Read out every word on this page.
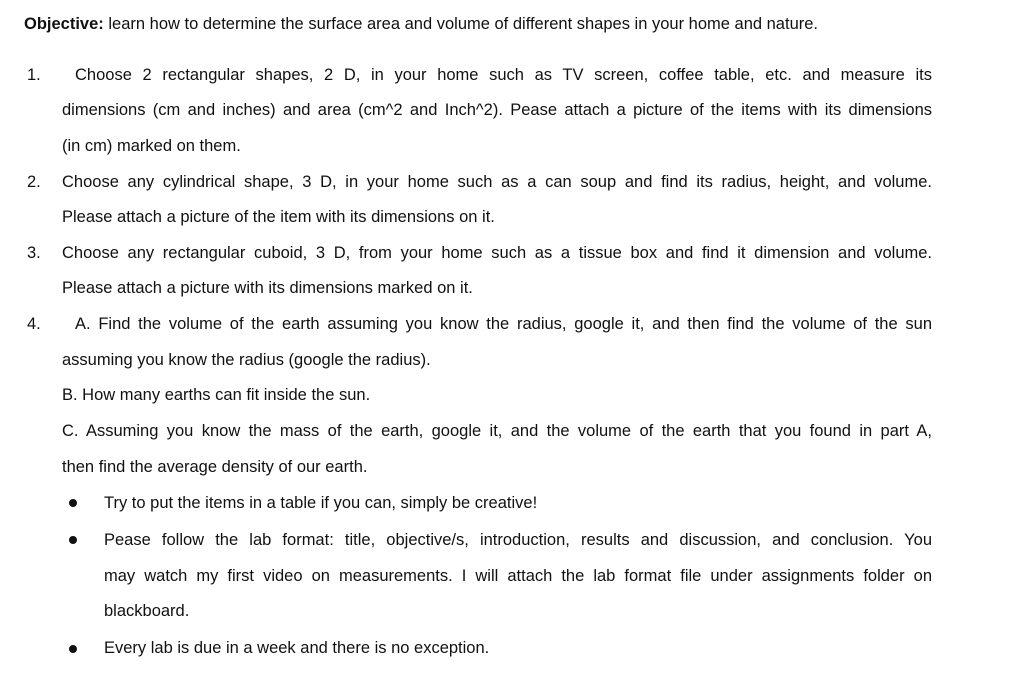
Objective: learn how to determine the surface area and volume of different shapes in your home and nature.
1. Choose 2 rectangular shapes, 2 D, in your home such as TV screen, coffee table, etc. and measure its
dimensions (cm and inches) and area (cm^2 and Inch^2). Pease attach a picture of the items with its dimensions
(in cm) marked on them.
2. Choose any cylindrical shape, 3 D, in your home such as a can soup and find its radius, height, and volume.
Please attach a picture of the item with its dimensions on it.
3. Choose any rectangular cuboid, 3 D, from your home such as a tissue box and find it dimension and volume.
Please attach a picture with its dimensions marked on it.
4. A. Find the volume of the earth assuming you know the radius, google it, and then find the volume of the sun
assuming you know the radius (google the radius).
B. How many earths can fit inside the sun.
C. Assuming you know the mass of the earth, google it, and the volume of the earth that you found in part A,
then find the average density of our earth.
Try to put the items in a table if you can, simply be creative!
Pease follow the lab format: title, objective/s, introduction, results and discussion, and conclusion. You
may watch my first video on measurements. I will attach the lab format file under assignments folder on
blackboard.
Every lab is due in a week and there is no exception.
